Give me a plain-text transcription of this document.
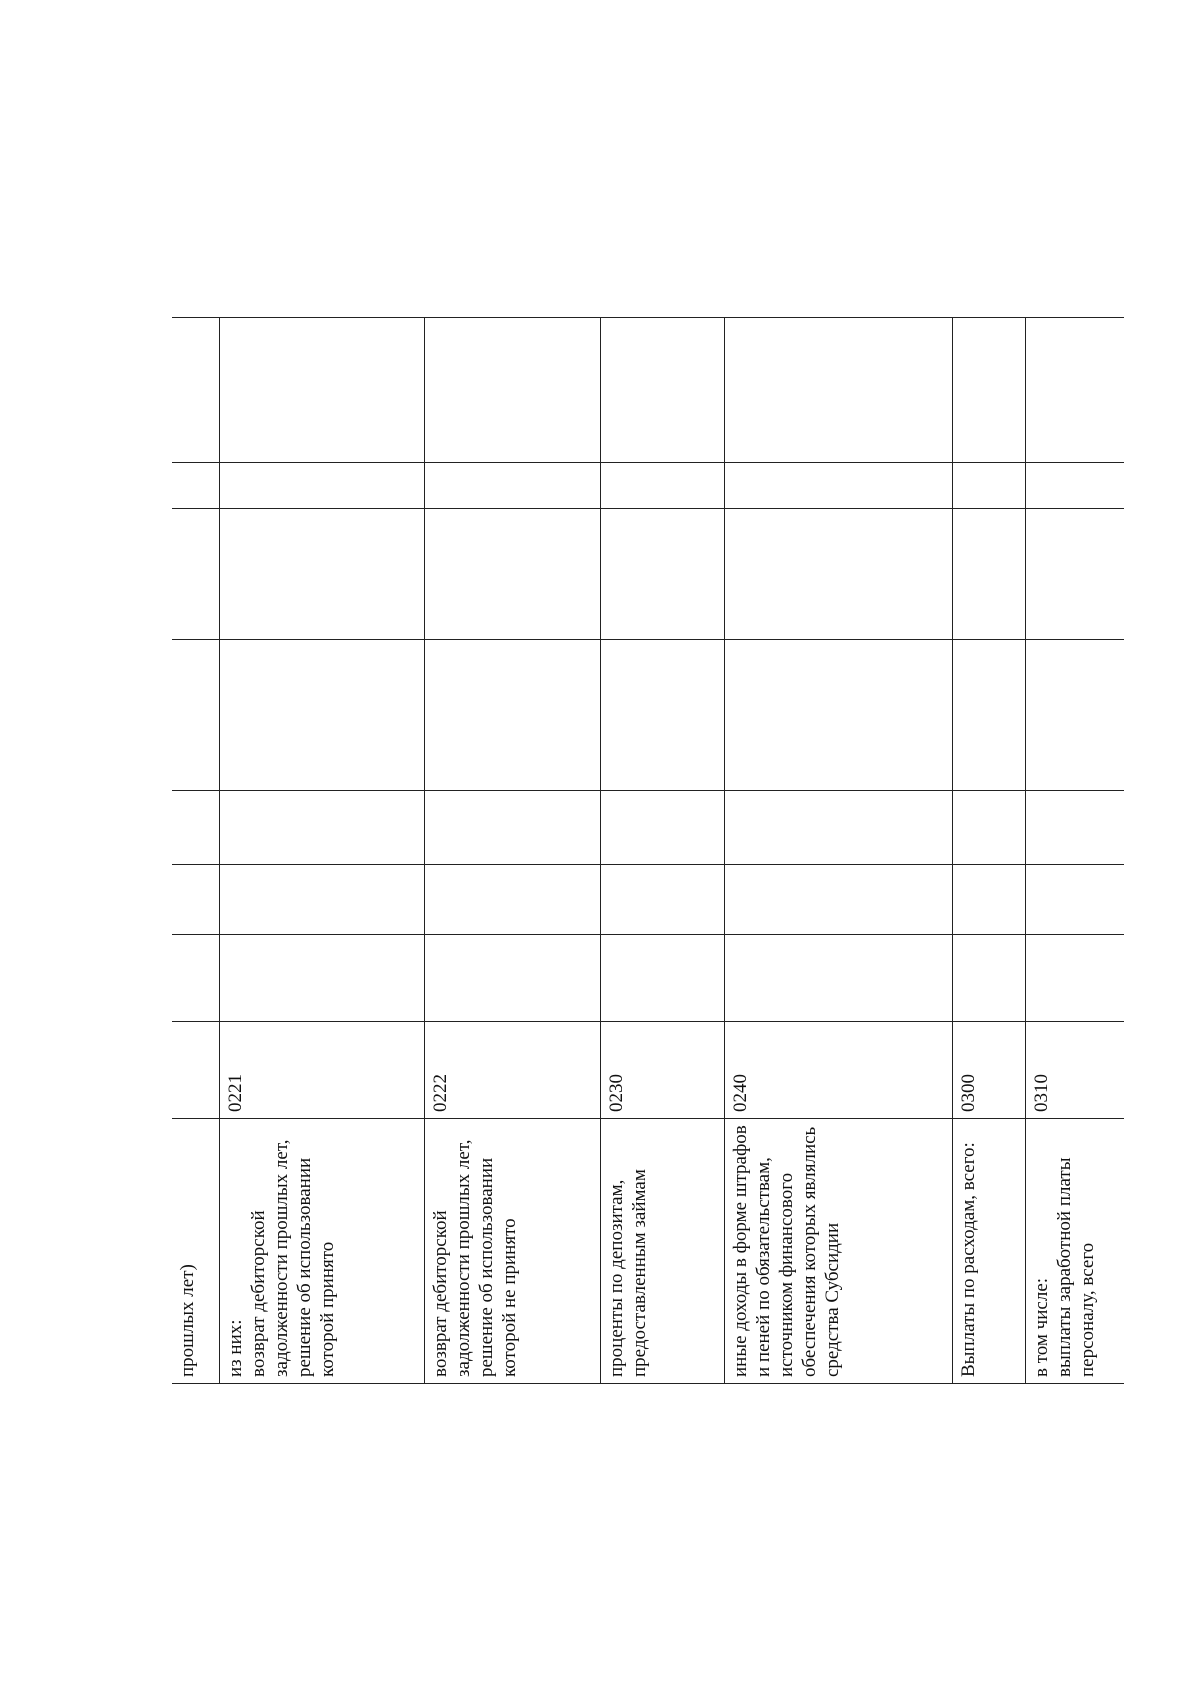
прошлых лет)								

из них: возврат дебиторской задолженности прошлых лет, решение об использовании которой принято	0221							
возврат дебиторской задолженности прошлых лет, решение об использовании которой не принято	0222							
проценты по депозитам, предоставленным займам	0230							
иные доходы в форме штрафов и пеней по обязательствам, источником финансового обеспечения которых являлись средства Субсидии	0240							
Выплаты по расходам, всего:	0300							

в том числе: выплаты заработной платы персоналу, всего	0310							
